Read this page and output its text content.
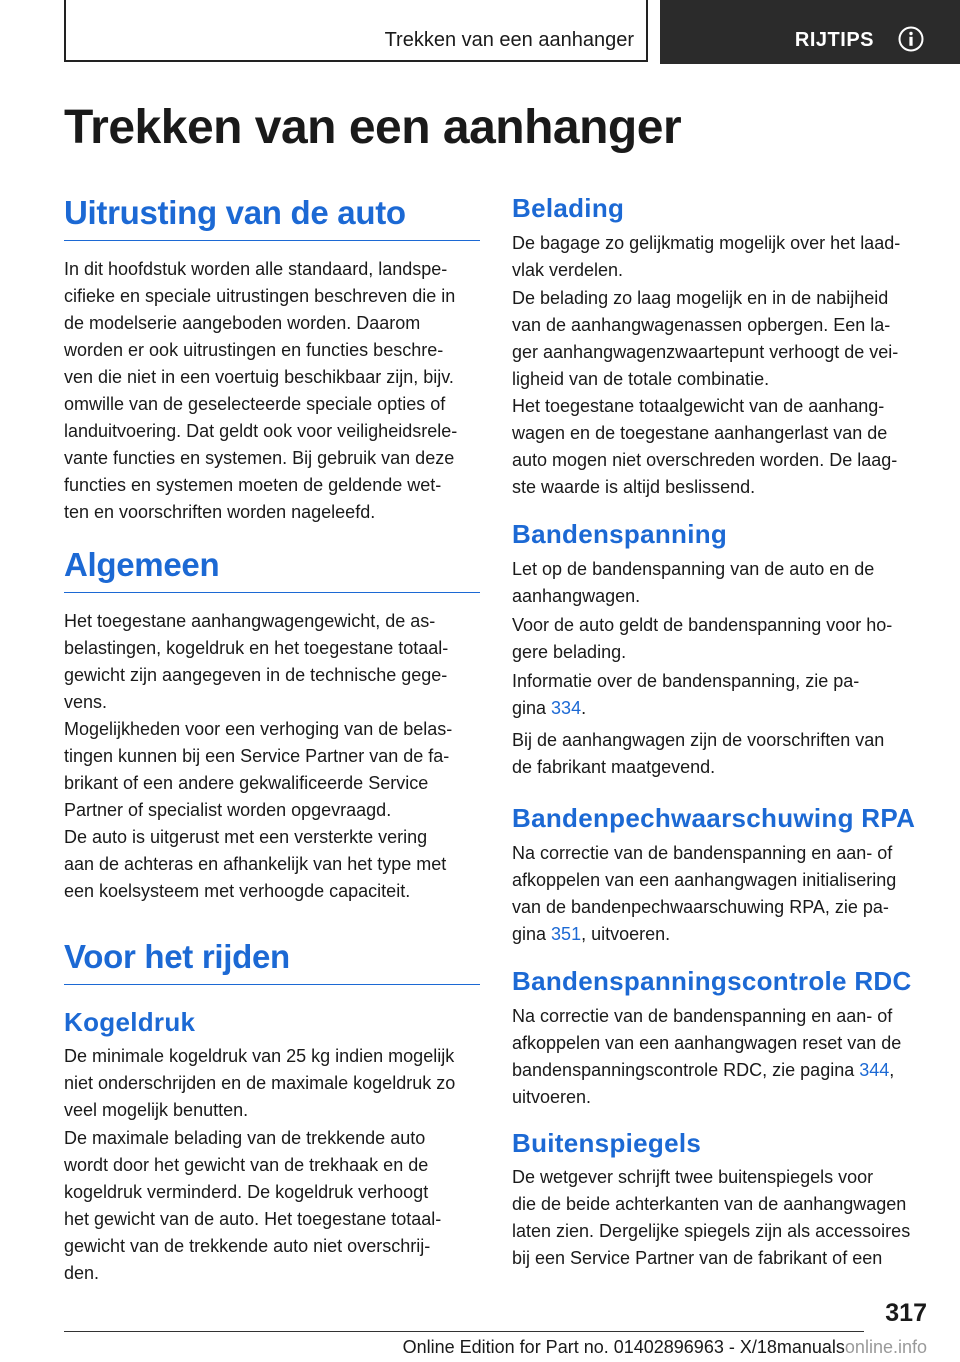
Trekken van een aanhanger	RIJTIPS
Trekken van een aanhanger
Uitrusting van de auto

In dit hoofdstuk worden alle standaard, landspe-
cifieke en speciale uitrustingen beschreven die in
de modelserie aangeboden worden. Daarom
worden er ook uitrustingen en functies beschre-
ven die niet in een voertuig beschikbaar zijn, bijv.
omwille van de geselecteerde speciale opties of
landuitvoering. Dat geldt ook voor veiligheidsrele-
vante functies en systemen. Bij gebruik van deze
functies en systemen moeten de geldende wet-
ten en voorschriften worden nageleefd.

Algemeen

Het toegestane aanhangwagengewicht, de as-
belastingen, kogeldruk en het toegestane totaal-
gewicht zijn aangegeven in de technische gege-
vens.

Mogelijkheden voor een verhoging van de belas-
tingen kunnen bij een Service Partner van de fa-
brikant of een andere gekwalificeerde Service
Partner of specialist worden opgevraagd.

De auto is uitgerust met een versterkte vering
aan de achteras en afhankelijk van het type met
een koelsysteem met verhoogde capaciteit.

Voor het rijden
Kogeldruk

De minimale kogeldruk van 25 kg indien mogelijk
niet onderschrijden en de maximale kogeldruk zo
veel mogelijk benutten.

De maximale belading van de trekkende auto
wordt door het gewicht van de trekhaak en de
kogeldruk verminderd. De kogeldruk verhoogt
het gewicht van de auto. Het toegestane totaal-
gewicht van de trekkende auto niet overschrij-
den.

Belading

De bagage zo gelijkmatig mogelijk over het laad-
vlak verdelen.

De belading zo laag mogelijk en in de nabijheid
van de aanhangwagenassen opbergen. Een la-
ger aanhangwagenzwaartepunt verhoogt de vei-
ligheid van de totale combinatie.

Het toegestane totaalgewicht van de aanhang-
wagen en de toegestane aanhangerlast van de
auto mogen niet overschreden worden. De laag-
ste waarde is altijd beslissend.

Bandenspanning

Let op de bandenspanning van de auto en de
aanhangwagen.

Voor de auto geldt de bandenspanning voor ho-
gere belading.

Informatie over de bandenspanning, zie pa-
gina 334.

Bij de aanhangwagen zijn de voorschriften van
de fabrikant maatgevend.

Bandenpechwaarschuwing RPA

Na correctie van de bandenspanning en aan- of
afkoppelen van een aanhangwagen initialisering
van de bandenpechwaarschuwing RPA, zie pa-
gina 351, uitvoeren.

Bandenspanningscontrole RDC

Na correctie van de bandenspanning en aan- of
afkoppelen van een aanhangwagen reset van de
bandenspanningscontrole RDC, zie pagina 344,
uitvoeren.

Buitenspiegels

De wetgever schrijft twee buitenspiegels voor
die de beide achterkanten van de aanhangwagen
laten zien. Dergelijke spiegels zijn als accessoires
bij een Service Partner van de fabrikant of een

317
Online Edition for Part no. 01402896963 - X/18manualsonline.info
